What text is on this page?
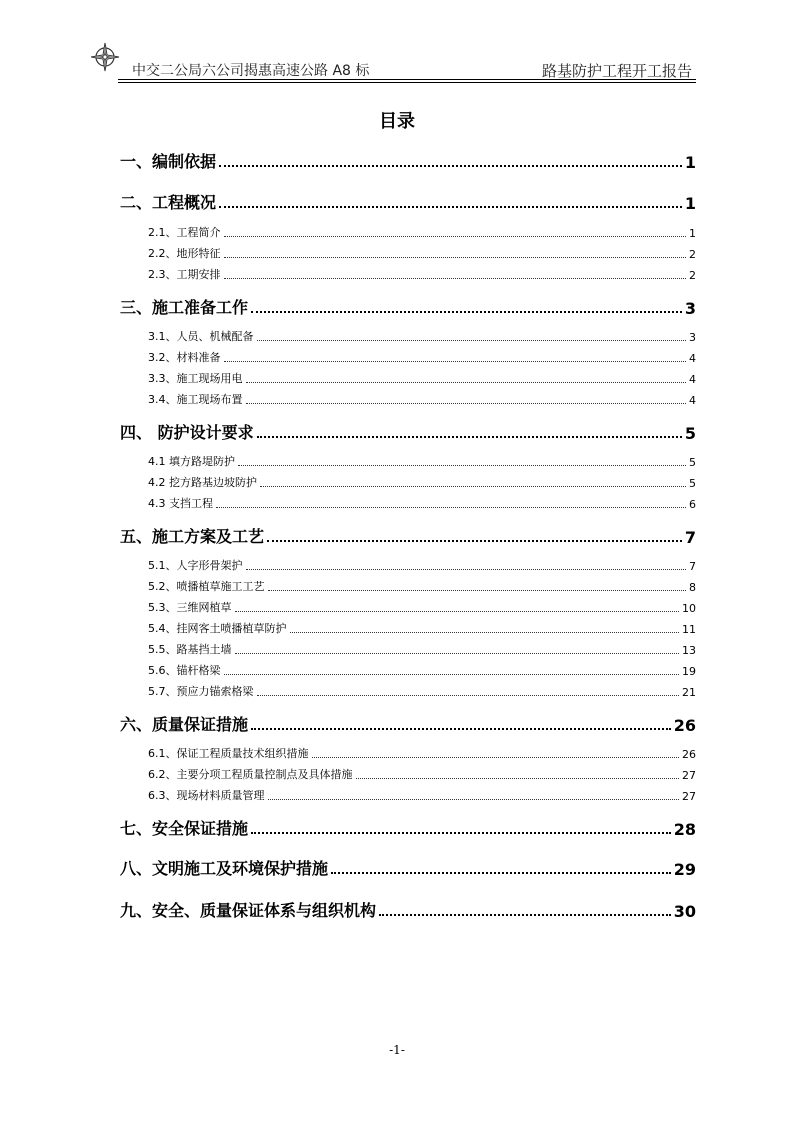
中交二公局六公司揭惠高速公路 A8 标	路基防护工程开工报告
目录
一、编制依据	1
二、工程概况	1
2.1、工程简介	1
2.2、地形特征	2
2.3、工期安排	2
三、施工准备工作	3
3.1、人员、机械配备	3
3.2、材料准备	4
3.3、施工现场用电	4
3.4、施工现场布置	4
四、 防护设计要求	5
4.1 填方路堤防护	5
4.2 挖方路基边坡防护	5
4.3 支挡工程	6
五、施工方案及工艺	7
5.1、人字形骨架护	7
5.2、喷播植草施工工艺	8
5.3、三维网植草	10
5.4、挂网客土喷播植草防护	11
5.5、路基挡土墙	13
5.6、锚杆格梁	19
5.7、预应力锚索格梁	21
六、质量保证措施	26
6.1、保证工程质量技术组织措施	26
6.2、主要分项工程质量控制点及具体措施	27
6.3、现场材料质量管理	27
七、安全保证措施	28
八、文明施工及环境保护措施	29
九、安全、质量保证体系与组织机构	30
-1-
